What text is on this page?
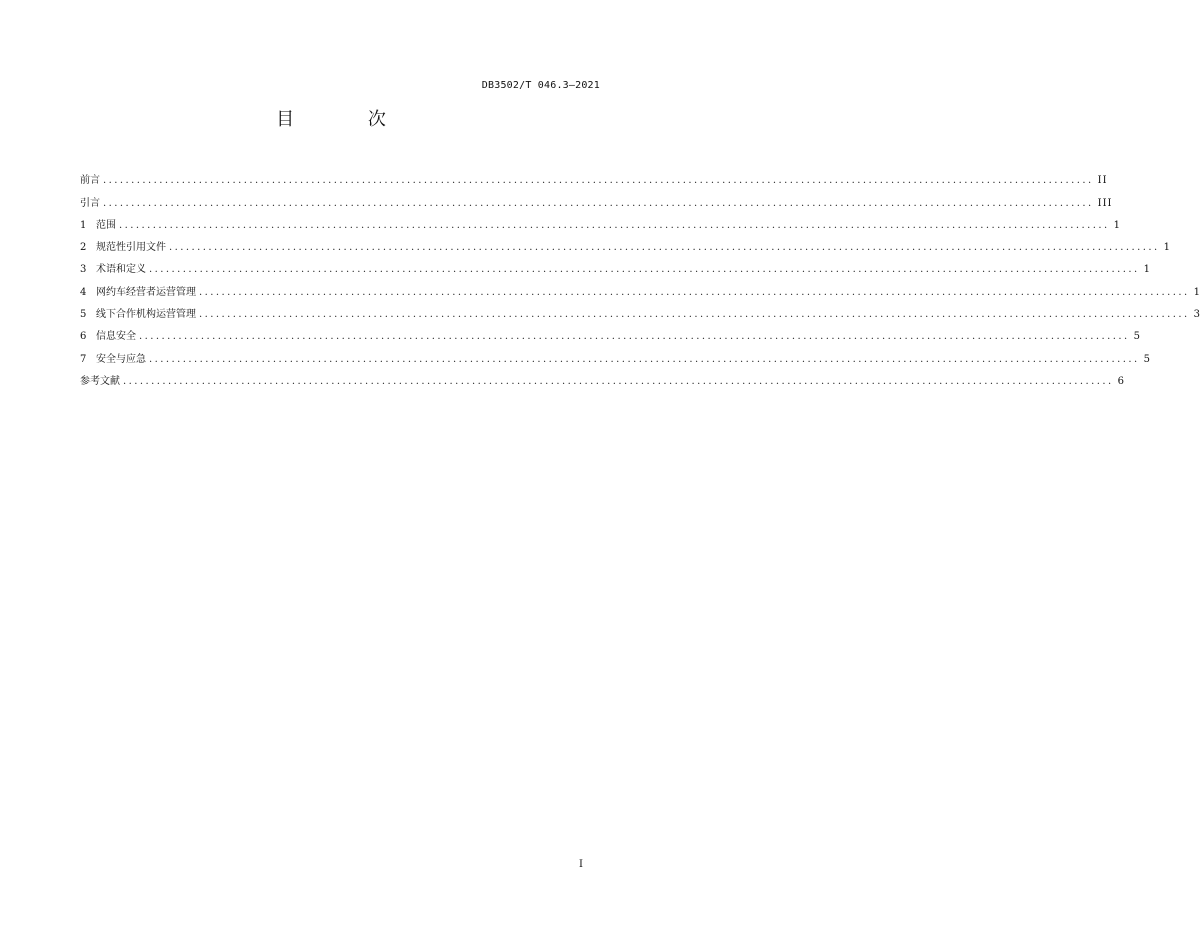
DB3502/T 046.3—2021
目 次
前言 ................................................................................................................................................................................ II
引言 ................................................................................................................................................................................ III
1 范围 ................................................................................................................................................................................ 1
2 规范性引用文件 ................................................................................................................................................................................ 1
3 术语和定义 ................................................................................................................................................................................ 1
4 网约车经营者运营管理 ................................................................................................................................................................................ 1
5 线下合作机构运营管理 ................................................................................................................................................................................ 3
6 信息安全 ................................................................................................................................................................................ 5
7 安全与应急 ................................................................................................................................................................................ 5
参考文献 ................................................................................................................................................................................ 6
I
